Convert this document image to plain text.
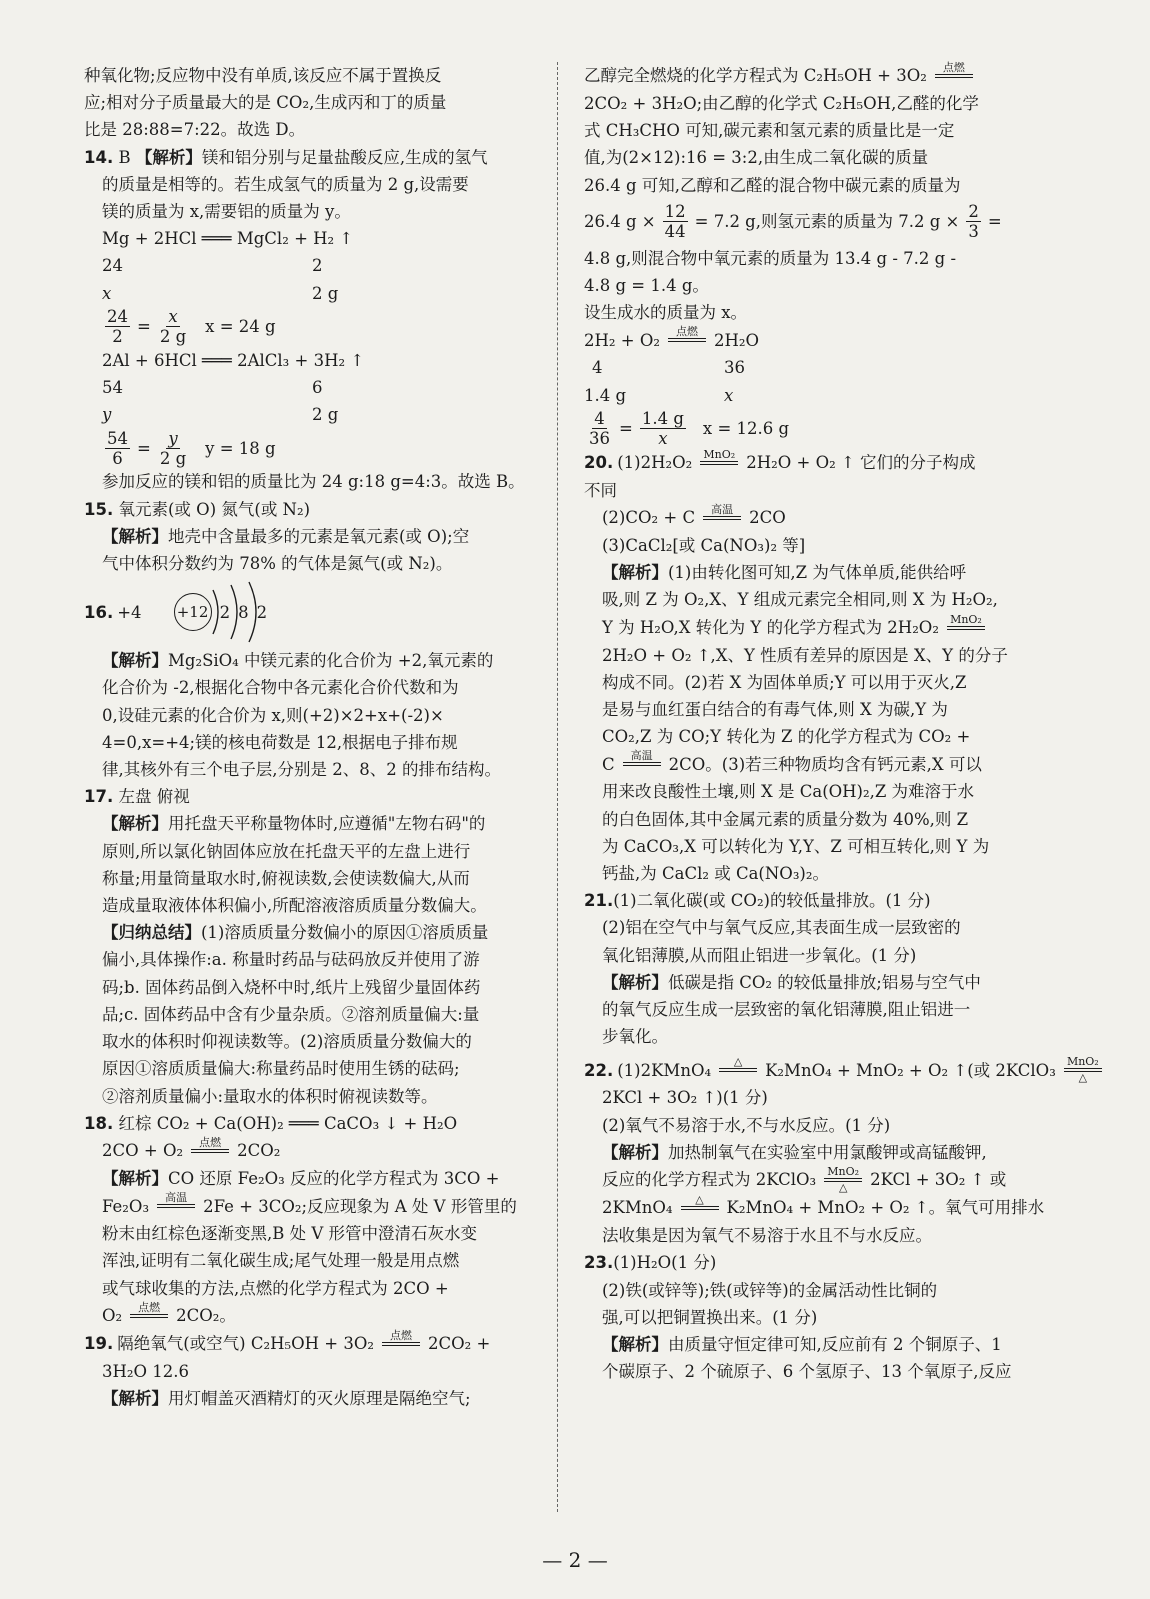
种氧化物;反应物中没有单质,该反应不属于置换反
应;相对分子质量最大的是 CO₂,生成丙和丁的质量
比是 28:88=7:22。故选 D。
14. B 【解析】镁和铝分别与足量盐酸反应,生成的氢气
的质量是相等的。若生成氢气的质量为 2 g,设需要
镁的质量为 x,需要铝的质量为 y。
Mg + 2HCl ═══ MgCl₂ + H₂ ↑
24	2
x	2 g
$\frac{24}{2} = \frac{x}{2 g}$ x = 24 g
2Al + 6HCl ═══ 2AlCl₃ + 3H₂ ↑
54	6
y	2 g
$\frac{54}{6} = \frac{y}{2 g}$ y = 18 g
参加反应的镁和铝的质量比为 24 g:18 g=4:3。故选 B。
15. 氧元素(或 O) 氮气(或 N₂)
【解析】地壳中含量最多的元素是氧元素(或 O);空
气中体积分数约为 78% 的气体是氮气(或 N₂)。
16. +4 +12 2 8 2
【解析】Mg₂SiO₄ 中镁元素的化合价为 +2,氧元素的
化合价为 -2,根据化合物中各元素化合价代数和为
0,设硅元素的化合价为 x,则(+2)×2+x+(-2)×
4=0,x=+4;镁的核电荷数是 12,根据电子排布规
律,其核外有三个电子层,分别是 2、8、2 的排布结构。
17. 左盘 俯视
【解析】用托盘天平称量物体时,应遵循"左物右码"的
原则,所以氯化钠固体应放在托盘天平的左盘上进行
称量;用量筒量取水时,俯视读数,会使读数偏大,从而
造成量取液体体积偏小,所配溶液溶质质量分数偏大。
【归纳总结】(1)溶质质量分数偏小的原因①溶质质量
偏小,具体操作:a. 称量时药品与砝码放反并使用了游
码;b. 固体药品倒入烧杯中时,纸片上残留少量固体药
品;c. 固体药品中含有少量杂质。②溶剂质量偏大:量
取水的体积时仰视读数等。(2)溶质质量分数偏大的
原因①溶质质量偏大:称量药品时使用生锈的砝码;
②溶剂质量偏小:量取水的体积时俯视读数等。
18. 红棕 CO₂ + Ca(OH)₂ ═══ CaCO₃ ↓ + H₂O
2CO + O₂ 点燃 2CO₂
【解析】CO 还原 Fe₂O₃ 反应的化学方程式为 3CO +
Fe₂O₃ 高温 2Fe + 3CO₂;反应现象为 A 处 V 形管里的
粉末由红棕色逐渐变黑,B 处 V 形管中澄清石灰水变
浑浊,证明有二氧化碳生成;尾气处理一般是用点燃
或气球收集的方法,点燃的化学方程式为 2CO +
O₂ 点燃 2CO₂。
19. 隔绝氧气(或空气) C₂H₅OH + 3O₂ 点燃 2CO₂ +
3H₂O 12.6
【解析】用灯帽盖灭酒精灯的灭火原理是隔绝空气;
乙醇完全燃烧的化学方程式为 C₂H₅OH + 3O₂ 点燃
2CO₂ + 3H₂O;由乙醇的化学式 C₂H₅OH,乙醛的化学
式 CH₃CHO 可知,碳元素和氢元素的质量比是一定
值,为(2×12):16 = 3:2,由生成二氧化碳的质量
26.4 g 可知,乙醇和乙醛的混合物中碳元素的质量为
26.4 $g \times \frac{12}{44} = 7.2$ g,则氢元素的质量为 7.2 $g \times \frac{2}{3}$ =
4.8 g,则混合物中氧元素的质量为 13.4 g - 7.2 g -
4.8 g = 1.4 g。
设生成水的质量为 x。
2H₂ + O₂ 点燃 2H₂O
4	36
1.4 g	x
$\frac{4}{36} = \frac{1.4 g}{x}$ x = 12.6 g
20. (1)2H₂O₂ MnO₂ 2H₂O + O₂ ↑ 它们的分子构成
不同
(2)CO₂ + C 高温 2CO
(3)CaCl₂[或 Ca(NO₃)₂ 等]
【解析】(1)由转化图可知,Z 为气体单质,能供给呼
吸,则 Z 为 O₂,X、Y 组成元素完全相同,则 X 为 H₂O₂,
Y 为 H₂O,X 转化为 Y 的化学方程式为 2H₂O₂ MnO₂
2H₂O + O₂ ↑,X、Y 性质有差异的原因是 X、Y 的分子
构成不同。(2)若 X 为固体单质;Y 可以用于灭火,Z
是易与血红蛋白结合的有毒气体,则 X 为碳,Y 为
CO₂,Z 为 CO;Y 转化为 Z 的化学方程式为 CO₂ +
C 高温 2CO。(3)若三种物质均含有钙元素,X 可以
用来改良酸性土壤,则 X 是 Ca(OH)₂,Z 为难溶于水
的白色固体,其中金属元素的质量分数为 40%,则 Z
为 CaCO₃,X 可以转化为 Y,Y、Z 可相互转化,则 Y 为
钙盐,为 CaCl₂ 或 Ca(NO₃)₂。
21.(1)二氧化碳(或 CO₂)的较低量排放。(1 分)
(2)铝在空气中与氧气反应,其表面生成一层致密的
氧化铝薄膜,从而阻止铝进一步氧化。(1 分)
【解析】低碳是指 CO₂ 的较低量排放;铝易与空气中
的氧气反应生成一层致密的氧化铝薄膜,阻止铝进一
步氧化。
22. (1)2KMnO₄ △ K₂MnO₄ + MnO₂ + O₂ ↑(或 2KClO₃ MnO₂
△
2KCl + 3O₂ ↑)(1 分)
(2)氧气不易溶于水,不与水反应。(1 分)
【解析】加热制氧气在实验室中用氯酸钾或高锰酸钾,
反应的化学方程式为 2KClO₃ MnO₂
△ 2KCl + 3O₂ ↑ 或
2KMnO₄ △ K₂MnO₄ + MnO₂ + O₂ ↑。氧气可用排水
法收集是因为氧气不易溶于水且不与水反应。
23.(1)H₂O(1 分)
(2)铁(或锌等);铁(或锌等)的金属活动性比铜的
强,可以把铜置换出来。(1 分)
【解析】由质量守恒定律可知,反应前有 2 个铜原子、1
个碳原子、2 个硫原子、6 个氢原子、13 个氧原子,反应
— 2 —
